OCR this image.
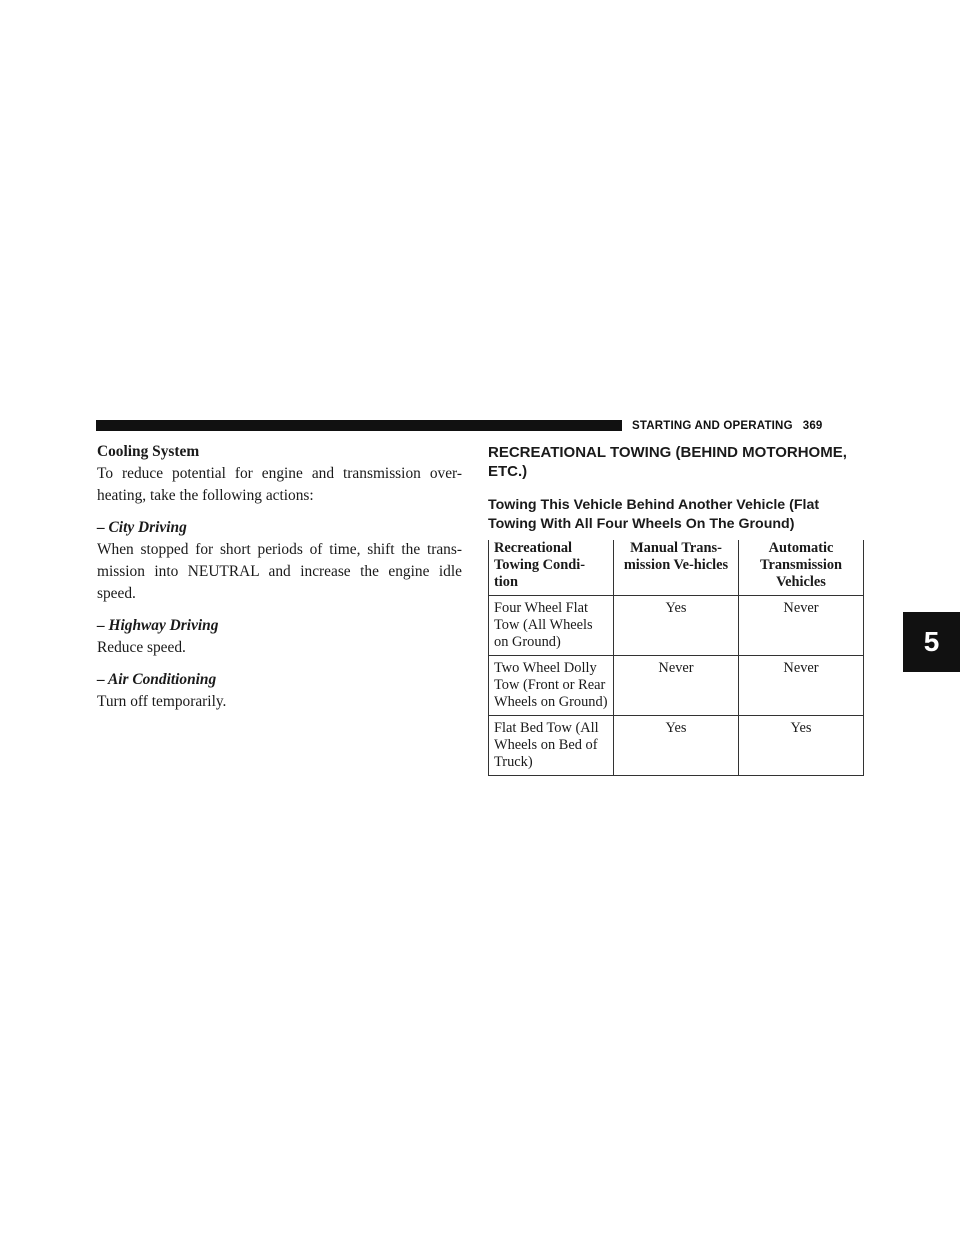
STARTING AND OPERATING 369
5
Cooling System

To reduce potential for engine and transmission over-heating, take the following actions:

– City Driving

When stopped for short periods of time, shift the trans-mission into NEUTRAL and increase the engine idle speed.

– Highway Driving

Reduce speed.

– Air Conditioning

Turn off temporarily.

RECREATIONAL TOWING (BEHIND MOTORHOME, ETC.)
Towing This Vehicle Behind Another Vehicle (Flat
Towing With All Four Wheels On The Ground)
Recreational Towing Condi-tion	Manual Trans-mission Ve-hicles	Automatic Transmission Vehicles
Four Wheel Flat Tow (All Wheels on Ground)	Yes	Never
Two Wheel Dolly Tow (Front or Rear Wheels on Ground)	Never	Never
Flat Bed Tow (All Wheels on Bed of Truck)	Yes	Yes
